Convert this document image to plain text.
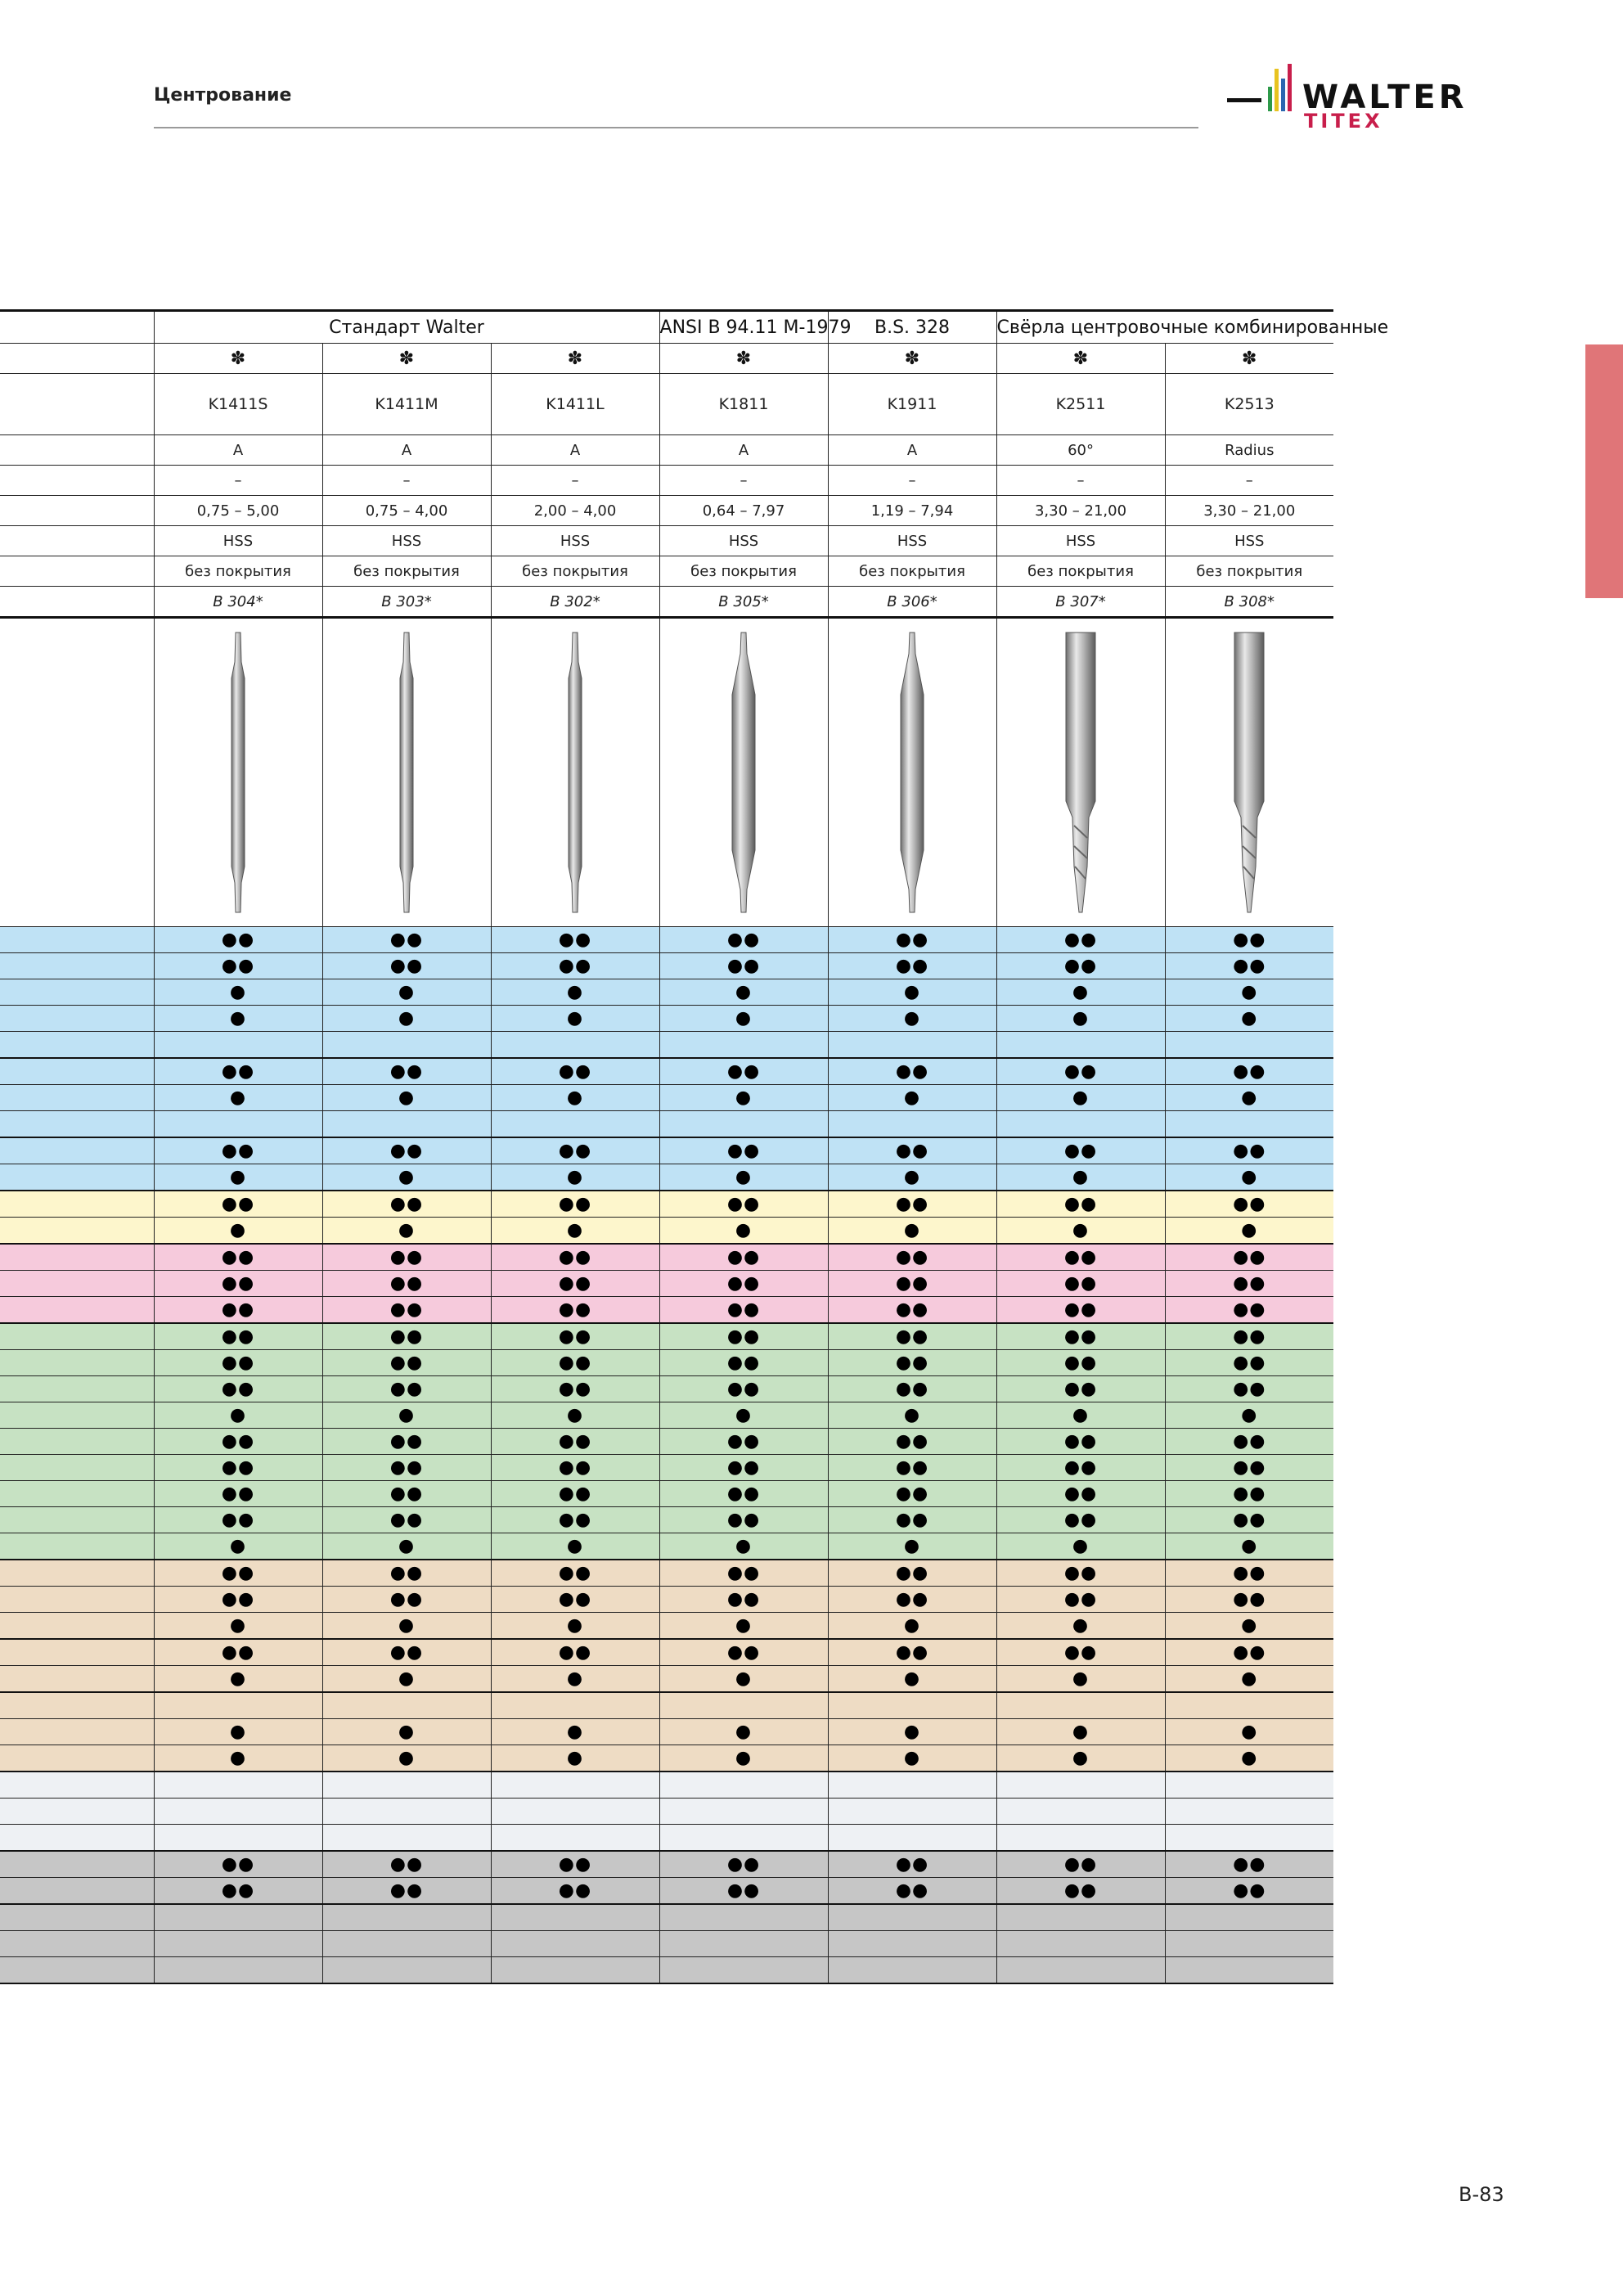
Центрование	WALTER
TITEX
	Стандарт Walter			ANSI B 94.11 M-1979	B.S. 328	Свёрла центровочные комбинированные	
	✽	✽	✽	✽	✽	✽	✽
	K1411S	K1411M	K1411L	K1811	K1911	K2511	K2513
	A	A	A	A	A	60°	Radius
	–	–	–	–	–	–	–
	0,75 – 5,00	0,75 – 4,00	2,00 – 4,00	0,64 – 7,97	1,19 – 7,94	3,30 – 21,00	3,30 – 21,00
	HSS	HSS	HSS	HSS	HSS	HSS	HSS
	без покрытия	без покрытия	без покрытия	без покрытия	без покрытия	без покрытия	без покрытия
	B 304*	B 303*	B 302*	B 305*	B 306*	B 307*	B 308*

	●●	●●	●●	●●	●●	●●	●●
	●●	●●	●●	●●	●●	●●	●●
	●	●	●	●	●	●	●
	●	●	●	●	●	●	●

	●●	●●	●●	●●	●●	●●	●●
	●	●	●	●	●	●	●

	●●	●●	●●	●●	●●	●●	●●
	●	●	●	●	●	●	●
	●●	●●	●●	●●	●●	●●	●●
	●	●	●	●	●	●	●
	●●	●●	●●	●●	●●	●●	●●
	●●	●●	●●	●●	●●	●●	●●
	●●	●●	●●	●●	●●	●●	●●
	●●	●●	●●	●●	●●	●●	●●
	●●	●●	●●	●●	●●	●●	●●
	●●	●●	●●	●●	●●	●●	●●
	●	●	●	●	●	●	●
	●●	●●	●●	●●	●●	●●	●●
	●●	●●	●●	●●	●●	●●	●●
	●●	●●	●●	●●	●●	●●	●●
	●●	●●	●●	●●	●●	●●	●●
	●	●	●	●	●	●	●
	●●	●●	●●	●●	●●	●●	●●
	●●	●●	●●	●●	●●	●●	●●
	●	●	●	●	●	●	●
	●●	●●	●●	●●	●●	●●	●●
	●	●	●	●	●	●	●

	●	●	●	●	●	●	●
	●	●	●	●	●	●	●

	●●	●●	●●	●●	●●	●●	●●
	●●	●●	●●	●●	●●	●●	●●

B-83
